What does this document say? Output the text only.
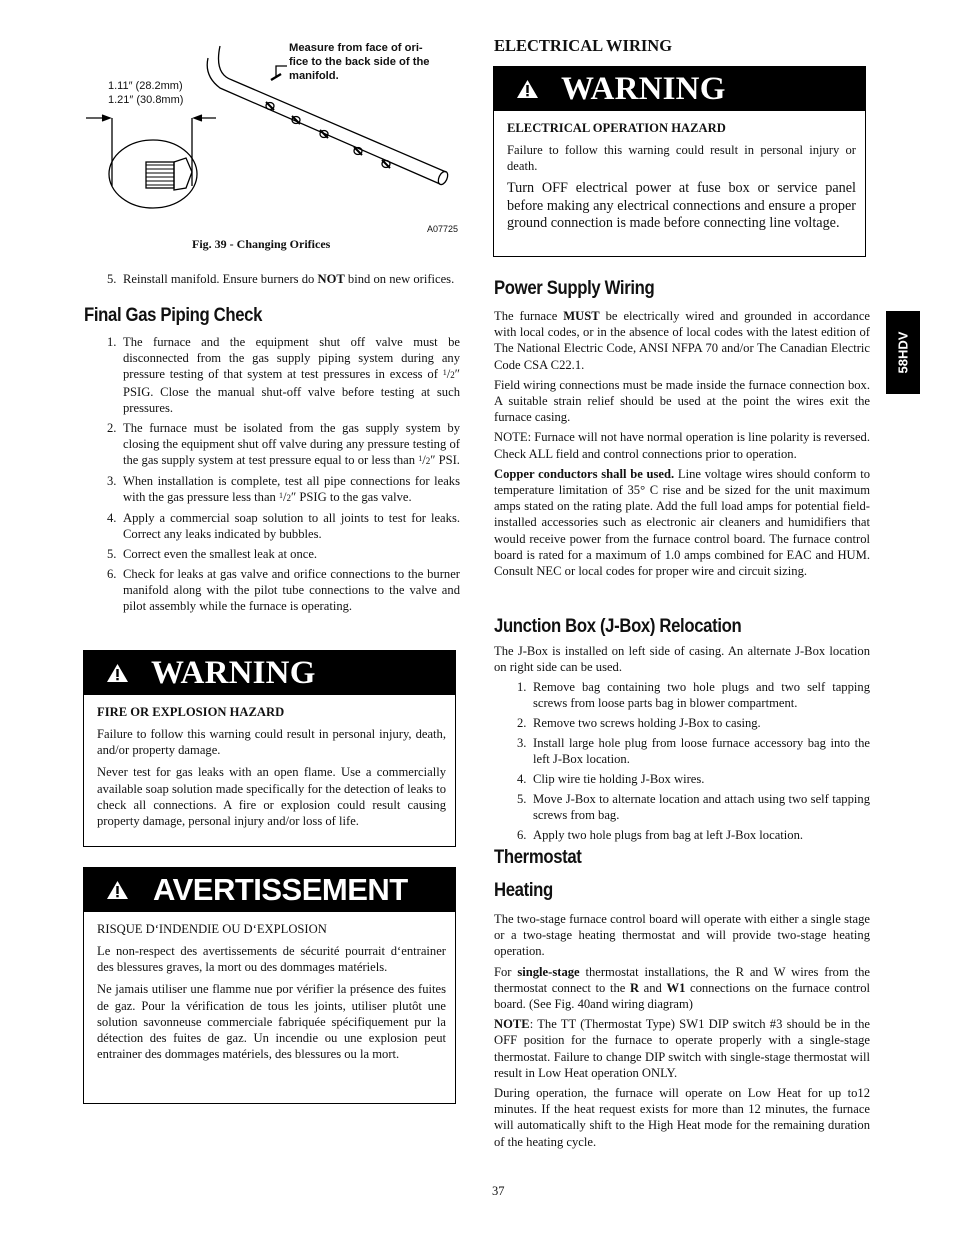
1.11″ (28.2mm)
1.21″ (30.8mm)
Measure from face of ori-
fice to the back side of the
manifold.
A07725
Fig. 39 - Changing Orifices
5. Reinstall manifold. Ensure burners do NOT bind on new orifices.
Final Gas Piping Check
1. The furnace and the equipment shut off valve must be disconnected from the gas supply piping system during any pressure testing of that system at test pressures in excess of $^1$/2″ PSIG. Close the manual shut-off valve before testing at such pressures.
2. The furnace must be isolated from the gas supply system by closing the equipment shut off valve during any pressure testing of the gas supply system at test pressure equal to or less than $^1$/2″ PSI.
3. When installation is complete, test all pipe connections for leaks with the gas pressure less than $^1$/2″ PSIG to the gas valve.
4. Apply a commercial soap solution to all joints to test for leaks. Correct any leaks indicated by bubbles.
5. Correct even the smallest leak at once.
6. Check for leaks at gas valve and orifice connections to the burner manifold along with the pilot tube connections to the valve and pilot assembly while the furnace is operating.
WARNING
FIRE OR EXPLOSION HAZARD

Failure to follow this warning could result in personal injury, death, and/or property damage.

Never test for gas leaks with an open flame. Use a commercially available soap solution made specifically for the detection of leaks to check all connections. A fire or explosion could result causing property damage, personal injury and/or loss of life.

AVERTISSEMENT
RISQUE D‘INDENDIE OU D‘EXPLOSION

Le non-respect des avertissements de sécurité pourrait d‘entrainer des blessures graves, la mort ou des dommages matériels.

Ne jamais utiliser une flamme nue por vérifier la présence des fuites de gaz. Pour la vérification de tous les joints, utiliser plutôt une solution savonneuse commerciale fabriquée spécifiquement pur la détection des fuites de gaz. Un incendie ou une explosion peut entrainer des dommages matériels, des blessures ou la mort.

ELECTRICAL WIRING
WARNING
ELECTRICAL OPERATION HAZARD

Failure to follow this warning could result in personal injury or death.

Turn OFF electrical power at fuse box or service panel before making any electrical connections and ensure a proper ground connection is made before connecting line voltage.

Power Supply Wiring

The furnace MUST be electrically wired and grounded in accordance with local codes, or in the absence of local codes with the latest edition of The National Electric Code, ANSI NFPA 70 and/or The Canadian Electric Code CSA C22.1.

Field wiring connections must be made inside the furnace connection box. A suitable strain relief should be used at the point the wires exit the furnace casing.

NOTE: Furnace will not have normal operation is line polarity is reversed. Check ALL field and control connections prior to operation.

Copper conductors shall be used. Line voltage wires should conform to temperature limitation of 35° C rise and be sized for the unit maximum amps stated on the rating plate. Add the full load amps for potential field-installed accessories such as electronic air cleaners and humidifiers that would receive power from the furnace control board. The furnace control board is rated for a maximum of 1.0 amps combined for EAC and HUM. Consult NEC or local codes for proper wire and circuit sizing.

Junction Box (J-Box) Relocation

The J-Box is installed on left side of casing. An alternate J-Box location on right side can be used.

1. Remove bag containing two hole plugs and two self tapping screws from loose parts bag in blower compartment.
2. Remove two screws holding J-Box to casing.
3. Install large hole plug from loose furnace accessory bag into the left J-Box location.
4. Clip wire tie holding J-Box wires.
5. Move J-Box to alternate location and attach using two self tapping screws from bag.
6. Apply two hole plugs from bag at left J-Box location.
Thermostat
Heating

The two-stage furnace control board will operate with either a single stage or a two-stage heating thermostat and will provide two-stage heating operation.

For single-stage thermostat installations, the R and W wires from the thermostat connect to the R and W1 connections on the furnace control board. (See Fig. 40and wiring diagram)

NOTE: The TT (Thermostat Type) SW1 DIP switch #3 should be in the OFF position for the furnace to operate properly with a single-stage thermostat. Failure to change DIP switch with single-stage thermostat will result in Low Heat operation ONLY.

During operation, the furnace will operate on Low Heat for up to12 minutes. If the heat request exists for more than 12 minutes, the furnace will automatically shift to the High Heat mode for the remaining duration of the heating cycle.

58HDV
37
